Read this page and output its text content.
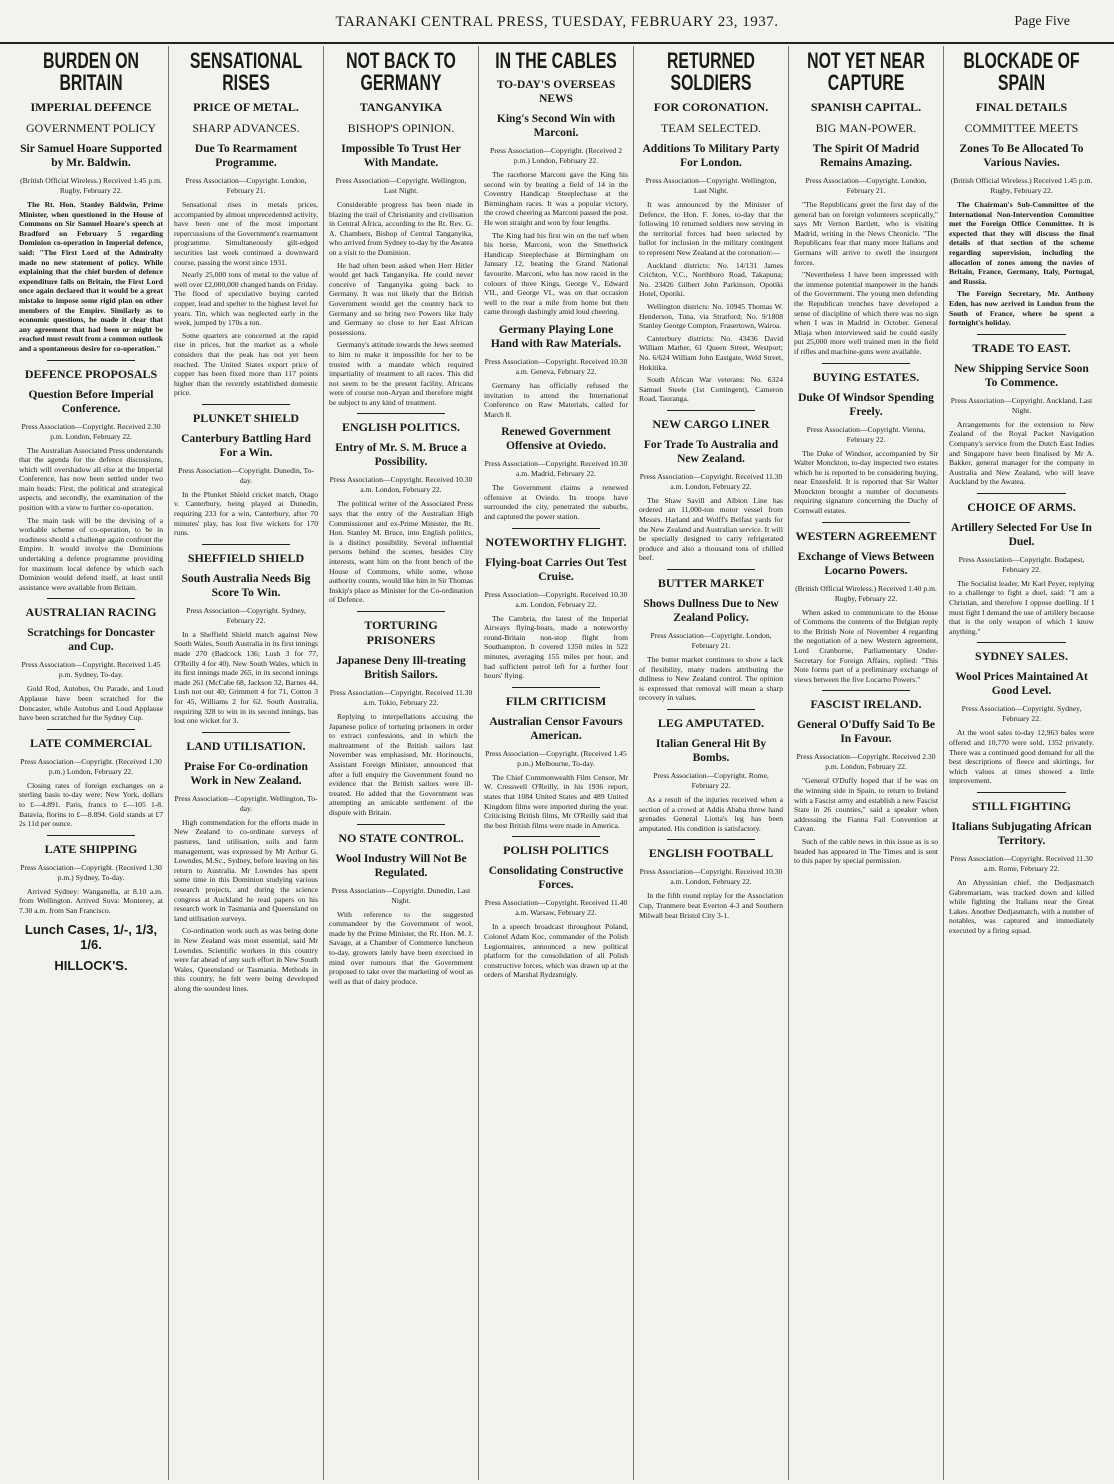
TARANAKI CENTRAL PRESS, TUESDAY, FEBRUARY 23, 1937.	Page Five
BURDEN ON BRITAIN
IMPERIAL DEFENCE
GOVERNMENT POLICY
Sir Samuel Hoare Supported by Mr. Baldwin.
(British Official Wireless.) Received 1.45 p.m. Rugby, February 22.
The Rt. Hon. Stanley Baldwin, Prime Minister, when questioned in the House of Commons on Sir Samuel Hoare's speech at Bradford on February 5 regarding Dominion co-operation in Imperial defence, said: "The First Lord of the Admiralty made no new statement of policy. While explaining that the chief burden of defence expenditure falls on Britain, the First Lord once again declared that it would be a great mistake to impose some rigid plan on other members of the Empire. Similarly as to economic questions, he made it clear that any agreement that had been or might be reached must result from a common outlook and a spontaneous desire for co-operation."
DEFENCE PROPOSALS
Question Before Imperial Conference.
Press Association—Copyright. Received 2.30 p.m. London, February 22.
The Australian Associated Press understands that the agenda for the defence discussions, which will overshadow all else at the Imperial Conference, has now been settled under two main heads: First, the political and strategical aspects, and secondly, the examination of the position with a view to further co-operation.
The main task will be the devising of a workable scheme of co-operation, to be in readiness should a challenge again confront the Empire. It would involve the Dominions undertaking a defence programme providing for maximum local defence by which each Dominion would defend itself, at least until assistance were available from Britain.
AUSTRALIAN RACING
Scratchings for Doncaster and Cup.
Press Association—Copyright. Received 1.45 p.m. Sydney, To-day.
Gold Rod, Autobus, Ou Parade, and Loud Applause have been scratched for the Doncaster, while Autobus and Loud Applause have been scratched for the Sydney Cup.
LATE COMMERCIAL
Press Association—Copyright. (Received 1.30 p.m.) London, February 22.
Closing rates of foreign exchanges on a sterling basis to-day were: New York, dollars to £—4.891. Paris, francs to £—105 1-8. Batavia, florins to £—8.894. Gold stands at £7 2s 11d per ounce.
LATE SHIPPING
Press Association—Copyright. (Received 1.30 p.m.) Sydney, To-day.
Arrived Sydney: Wanganella, at 8.10 a.m. from Wellington. Arrived Suva: Monterey, at 7.30 a.m. from San Francisco.
Lunch Cases, 1/-, 1/3, 1/6.
HILLOCK'S.
SENSATIONAL RISES
PRICE OF METAL.
SHARP ADVANCES.
Due To Rearmament Programme.
Press Association—Copyright. London, February 21.
Sensational rises in metals prices, accompanied by almost unprecedented activity, have been one of the most important repercussions of the Government's rearmament programme. Simultaneously gilt-edged securities last week continued a downward course, passing the worst since 1931.
Nearly 25,000 tons of metal to the value of well over £2,000,000 changed hands on Friday. The flood of speculative buying carried copper, lead and spelter to the highest level for years. Tin, which was neglected early in the week, jumped by 170s a ton.
Some quarters are concerned at the rapid rise in prices, but the market as a whole considers that the peak has not yet been reached. The United States export price of copper has been fixed more than 117 points higher than the recently established domestic price.
PLUNKET SHIELD
Canterbury Battling Hard For a Win.
Press Association—Copyright. Dunedin, To-day.
In the Plunket Shield cricket match, Otago v. Canterbury, being played at Dunedin, requiring 233 for a win, Canterbury, after 70 minutes' play, has lost five wickets for 170 runs.
SHEFFIELD SHIELD
South Australia Needs Big Score To Win.
Press Association—Copyright. Sydney, February 22.
In a Sheffield Shield match against New South Wales, South Australia in its first innings made 270 (Badcock 136; Lush 3 for 77, O'Reilly 4 for 40). New South Wales, which in its first innings made 265, in its second innings made 261 (McCabe 68, Jackson 32, Barnes 44, Lush not out 40; Grimmett 4 for 71, Cotton 3 for 45, Williams 2 for 62. South Australia, requiring 328 to win in its second innings, has lost one wicket for 3.
LAND UTILISATION.
Praise For Co-ordination Work in New Zealand.
Press Association—Copyright. Wellington, To-day.
High commendation for the efforts made in New Zealand to co-ordinate surveys of pastures, land utilisation, soils and farm management, was expressed by Mr Arthur G. Lowndes, M.Sc., Sydney, before leaving on his return to Australia. Mr Lowndes has spent some time in this Dominion studying various research projects, and during the science congress at Auckland he read papers on his research work in Tasmania and Queensland on land utilisation surveys.
Co-ordination work such as was being done in New Zealand was most essential, said Mr Lowndes. Scientific workers in this country were far ahead of any such effort in New South Wales, Queensland or Tasmania. Methods in this country, he felt were being developed along the soundest lines.
NOT BACK TO GERMANY
TANGANYIKA
BISHOP'S OPINION.
Impossible To Trust Her With Mandate.
Press Association—Copyright. Wellington, Last Night.
Considerable progress has been made in blazing the trail of Christianity and civilisation in Central Africa, according to the Rt. Rev. G. A. Chambers, Bishop of Central Tanganyika, who arrived from Sydney to-day by the Awatea on a visit to the Dominion.
He had often been asked when Herr Hitler would get back Tanganyika. He could never conceive of Tanganyika going back to Germany. It was not likely that the British Government would get the country back to Germany and so bring two Powers like Italy and Germany so close to her East African possessions.
Germany's attitude towards the Jews seemed to him to make it impossible for her to be trusted with a mandate which required impartiality of treatment to all races. This did not seem to be the present facility. Africans were of course non-Aryan and therefore might be subject to any kind of treatment.
ENGLISH POLITICS.
Entry of Mr. S. M. Bruce a Possibility.
Press Association—Copyright. Received 10.30 a.m. London, February 22.
The political writer of the Associated Press says that the entry of the Australian High Commissioner and ex-Prime Minister, the Rt. Hon. Stanley M. Bruce, into English politics, is a distinct possibility. Several influential persons behind the scenes, besides City interests, want him on the front bench of the House of Commons, while some, whose authority counts, would like him in Sir Thomas Inskip's place as Minister for the Co-ordination of Defence.
TORTURING PRISONERS
Japanese Deny Ill-treating British Sailors.
Press Association—Copyright. Received 11.30 a.m. Tokio, February 22.
Replying to interpellations accusing the Japanese police of torturing prisoners in order to extract confessions, and in which the maltreatment of the British sailors last November was emphasised, Mr. Horinouchi, Assistant Foreign Minister, announced that after a full enquiry the Government found no evidence that the British sailors were ill-treated. He added that the Government was attempting an amicable settlement of the dispute with Britain.
NO STATE CONTROL.
Wool Industry Will Not Be Regulated.
Press Association—Copyright. Dunedin, Last Night.
With reference to the suggested commandeer by the Government of wool, made by the Prime Minister, the Rt. Hon. M. J. Savage, at a Chamber of Commerce luncheon to-day, growers lately have been exercised in mind over rumours that the Government proposed to take over the marketing of wool as well as that of dairy produce.
IN THE CABLES
TO-DAY'S OVERSEAS NEWS
King's Second Win with Marconi.
Press Association—Copyright. (Received 2 p.m.) London, February 22.
The racehorse Marconi gave the King his second win by beating a field of 14 in the Coventry Handicap Steeplechase at the Birmingham races. It was a popular victory, the crowd cheering as Marconi passed the post. He won straight and won by four lengths.
The King had his first win on the turf when his horse, Marconi, won the Smethwick Handicap Steeplechase at Birmingham on January 12, beating the Grand National favourite. Marconi, who has now raced in the colours of three Kings, George V., Edward VII., and George VI., was on that occasion well to the rear a mile from home but then came through dashingly amid loud cheering.
Germany Playing Lone Hand with Raw Materials.
Press Association—Copyright. Received 10.30 a.m. Geneva, February 22.
Germany has officially refused the invitation to attend the International Conference on Raw Materials, called for March 8.
Renewed Government Offensive at Oviedo.
Press Association—Copyright. Received 10.30 a.m. Madrid, February 22.
The Government claims a renewed offensive at Oviedo. Its troops have surrounded the city, penetrated the suburbs, and captured the power station.
NOTEWORTHY FLIGHT.
Flying-boat Carries Out Test Cruise.
Press Association—Copyright. Received 10.30 a.m. London, February 22.
The Cambria, the latest of the Imperial Airways flying-boats, made a noteworthy round-Britain non-stop flight from Southampton. It covered 1350 miles in 522 minutes, averaging 155 miles per hour, and had sufficient petrol left for a further four hours' flying.
FILM CRITICISM
Australian Censor Favours American.
Press Association—Copyright. (Received 1.45 p.m.) Melbourne, To-day.
The Chief Commonwealth Film Censor, Mr W. Cresswell O'Reilly, in his 1936 report, states that 1084 United States and 489 United Kingdom films were imported during the year. Criticising British films, Mr O'Reilly said that the best British films were made in America.
POLISH POLITICS
Consolidating Constructive Forces.
Press Association—Copyright. Received 11.40 a.m. Warsaw, February 22.
In a speech broadcast throughout Poland, Colonel Adam Koc, commander of the Polish Legionnaires, announced a new political platform for the consolidation of all Polish constructive forces, which was drawn up at the orders of Marshal Rydzsmigly.
RETURNED SOLDIERS
FOR CORONATION.
TEAM SELECTED.
Additions To Military Party For London.
Press Association—Copyright. Wellington, Last Night.
It was announced by the Minister of Defence, the Hon. F. Jones, to-day that the following 10 returned soldiers now serving in the territorial forces had been selected by ballot for inclusion in the military contingent to represent New Zealand at the coronation:—
Auckland districts: No. 14/131 James Crichton, V.C., Northboro Road, Takapuna; No. 23426 Gilbert John Parkinson, Opotiki Hotel, Opotiki.
Wellington districts: No. 10945 Thomas W. Henderson, Tuna, via Stratford; No. 9/1808 Stanley George Compton, Frasertown, Wairoa.
Canterbury districts: No. 43436 David William Mather, 61 Queen Street, Westport; No. 6/624 William John Eastgate, Weld Street, Hokitika.
South African War veterans: No. 6324 Samuel Steele (1st Contingent), Cameron Road, Tauranga.
NEW CARGO LINER
For Trade To Australia and New Zealand.
Press Association—Copyright. Received 11.30 a.m. London, February 22.
The Shaw Savill and Albion Line has ordered an 11,000-ton motor vessel from Messrs. Harland and Wolff's Belfast yards for the New Zealand and Australian service. It will be specially designed to carry refrigerated produce and also a thousand tons of chilled beef.
BUTTER MARKET
Shows Dullness Due to New Zealand Policy.
Press Association—Copyright. London, February 21.
The butter market continues to show a lack of flexibility, many traders attributing the dullness to New Zealand control. The opinion is expressed that removal will mean a sharp recovery in values.
LEG AMPUTATED.
Italian General Hit By Bombs.
Press Association—Copyright. Rome, February 22.
As a result of the injuries received when a section of a crowd at Addis Ababa threw hand grenades General Liotta's leg has been amputated. His condition is satisfactory.
ENGLISH FOOTBALL
Press Association—Copyright. Received 10.30 a.m. London, February 22.
In the fifth round replay for the Association Cup, Tranmere beat Everton 4-3 and Southern Milwall beat Bristol City 3-1.
NOT YET NEAR CAPTURE
SPANISH CAPITAL.
BIG MAN-POWER.
The Spirit Of Madrid Remains Amazing.
Press Association—Copyright. London, February 21.
"The Republicans greet the first day of the general ban on foreign volunteers sceptically," says Mr Vernon Bartlett, who is visiting Madrid, writing in the News Chronicle. "The Republicans fear that many more Italians and Germans will arrive to swell the insurgent forces.
"Nevertheless I have been impressed with the immense potential manpower in the hands of the Government. The young men defending the Republican trenches have developed a sense of discipline of which there was no sign when I was in Madrid in October. General Miaja when interviewed said he could easily put 25,000 more well trained men in the field if rifles and machine-guns were available.
BUYING ESTATES.
Duke Of Windsor Spending Freely.
Press Association—Copyright. Vienna, February 22.
The Duke of Windsor, accompanied by Sir Walter Monckton, to-day inspected two estates which he is reported to be considering buying, near Enzesfeld. It is reported that Sir Walter Monckton brought a number of documents requiring signature concerning the Duchy of Cornwall estates.
WESTERN AGREEMENT
Exchange of Views Between Locarno Powers.
(British Official Wireless.) Received 1.40 p.m. Rugby, February 22.
When asked to communicate to the House of Commons the contents of the Belgian reply to the British Note of November 4 regarding the negotiation of a new Western agreement, Lord Cranborne, Parliamentary Under-Secretary for Foreign Affairs, replied: "This Note forms part of a preliminary exchange of views between the five Locarno Powers."
FASCIST IRELAND.
General O'Duffy Said To Be In Favour.
Press Association—Copyright. Received 2.30 p.m. London, February 22.
"General O'Duffy hoped that if he was on the winning side in Spain, to return to Ireland with a Fascist army and establish a new Fascist State in 26 counties," said a speaker when addressing the Fianna Fail Convention at Cavan.
Such of the cable news in this issue as is so headed has appeared in The Times and is sent to this paper by special permission.
BLOCKADE OF SPAIN
FINAL DETAILS
COMMITTEE MEETS
Zones To Be Allocated To Various Navies.
(British Official Wireless.) Received 1.45 p.m. Rugby, February 22.
The Chairman's Sub-Committee of the International Non-Intervention Committee met the Foreign Office Committee. It is expected that they will discuss the final details of that section of the scheme regarding supervision, including the allocation of zones among the navies of Britain, France, Germany, Italy, Portugal, and Russia.
The Foreign Secretary, Mr. Anthony Eden, has now arrived in London from the South of France, where he spent a fortnight's holiday.
TRADE TO EAST.
New Shipping Service Soon To Commence.
Press Association—Copyright. Auckland, Last Night.
Arrangements for the extension to New Zealand of the Royal Packet Navigation Company's service from the Dutch East Indies and Singapore have been finalised by Mr A. Bakker, general manager for the company in Australia and New Zealand, who will leave Auckland by the Awatea.
CHOICE OF ARMS.
Artillery Selected For Use In Duel.
Press Association—Copyright. Budapest, February 22.
The Socialist leader, Mr Karl Peyer, replying to a challenge to fight a duel, said: "I am a Christian, and therefore I oppose duelling. If I must fight I demand the use of artillery because that is the only weapon of which I know anything."
SYDNEY SALES.
Wool Prices Maintained At Good Level.
Press Association—Copyright. Sydney, February 22.
At the wool sales to-day 12,963 bales were offered and 10,770 were sold, 1352 privately. There was a continued good demand for all the best descriptions of fleece and skirtings, for which values at times showed a little improvement.
STILL FIGHTING
Italians Subjugating African Territory.
Press Association—Copyright. Received 11.30 a.m. Rome, February 22.
An Abyssinian chief, the Dedjasmatch Gabremariam, was tracked down and killed while fighting the Italians near the Great Lakes. Another Dedjasmatch, with a number of notables, was captured and immediately executed by a firing squad.
